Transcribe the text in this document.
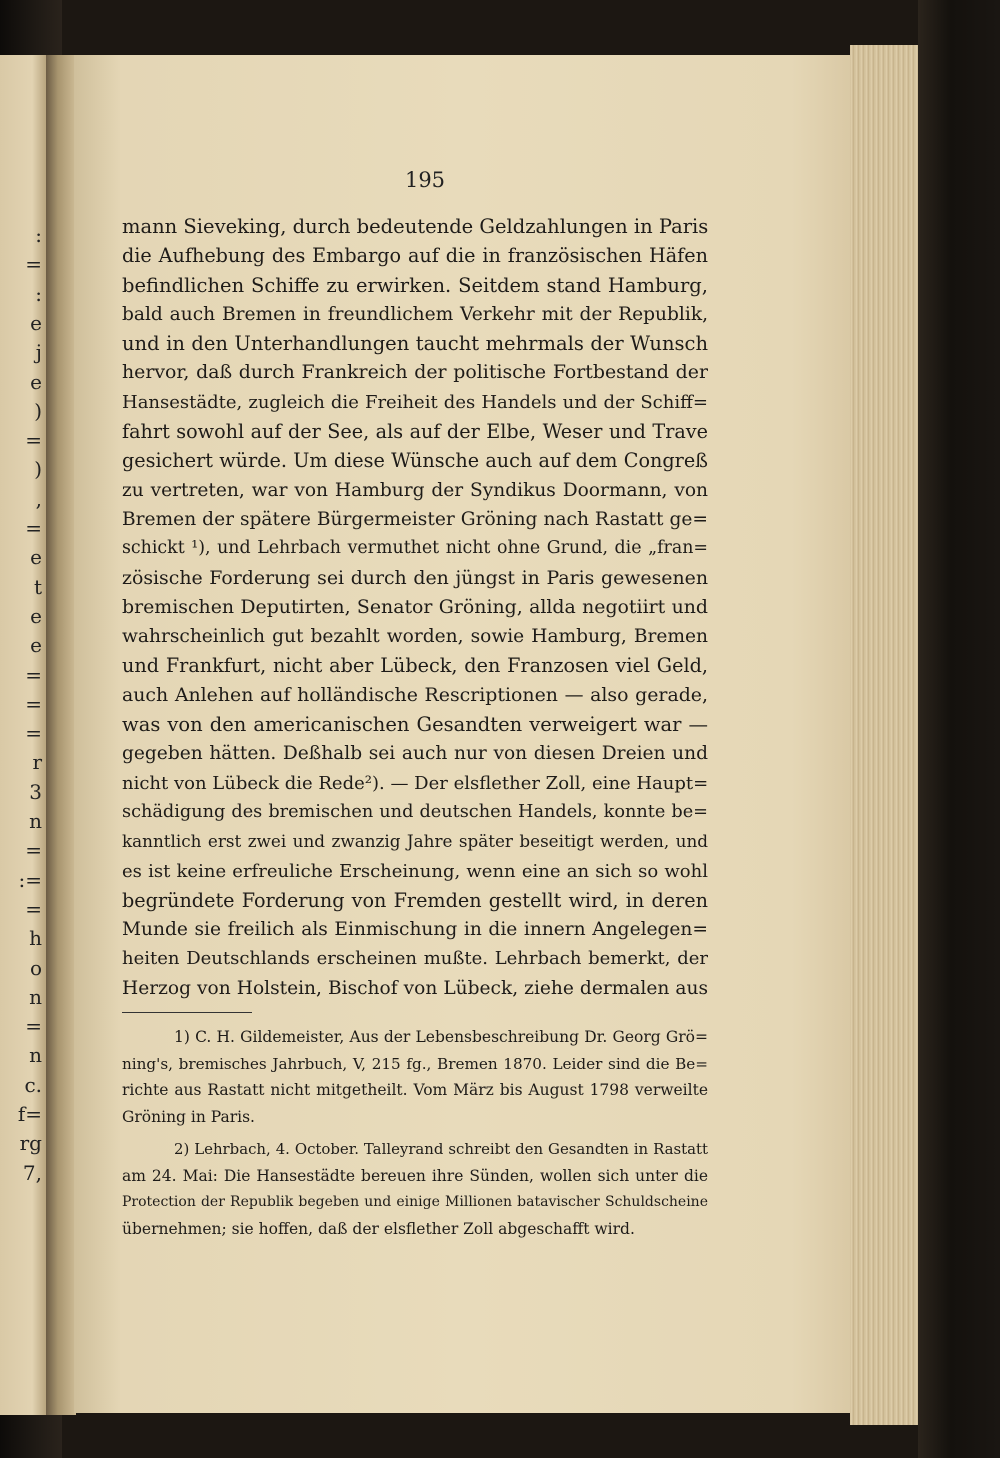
:
=
:
e
j
e
)
=
)
,
=
e
t
e
e
=
=
=
r
3
n
=
:=
=
h
o
n
=
n
c.
f=
rg
7,
195
mann Sieveking, durch bedeutende Geldzahlungen in Paris
die Aufhebung des Embargo auf die in französischen Häfen
befindlichen Schiffe zu erwirken. Seitdem stand Hamburg,
bald auch Bremen in freundlichem Verkehr mit der Republik,
und in den Unterhandlungen taucht mehrmals der Wunsch
hervor, daß durch Frankreich der politische Fortbestand der
Hansestädte, zugleich die Freiheit des Handels und der Schiff=
fahrt sowohl auf der See, als auf der Elbe, Weser und Trave
gesichert würde. Um diese Wünsche auch auf dem Congreß
zu vertreten, war von Hamburg der Syndikus Doormann, von
Bremen der spätere Bürgermeister Gröning nach Rastatt ge=
schickt ¹), und Lehrbach vermuthet nicht ohne Grund, die „fran=
zösische Forderung sei durch den jüngst in Paris gewesenen
bremischen Deputirten, Senator Gröning, allda negotiirt und
wahrscheinlich gut bezahlt worden, sowie Hamburg, Bremen
und Frankfurt, nicht aber Lübeck, den Franzosen viel Geld,
auch Anlehen auf holländische Rescriptionen — also gerade,
was von den americanischen Gesandten verweigert war —
gegeben hätten. Deßhalb sei auch nur von diesen Dreien und
nicht von Lübeck die Rede²). — Der elsflether Zoll, eine Haupt=
schädigung des bremischen und deutschen Handels, konnte be=
kanntlich erst zwei und zwanzig Jahre später beseitigt werden, und
es ist keine erfreuliche Erscheinung, wenn eine an sich so wohl
begründete Forderung von Fremden gestellt wird, in deren
Munde sie freilich als Einmischung in die innern Angelegen=
heiten Deutschlands erscheinen mußte. Lehrbach bemerkt, der
Herzog von Holstein, Bischof von Lübeck, ziehe dermalen aus
1) C. H. Gildemeister, Aus der Lebensbeschreibung Dr. Georg Grö=
ning's, bremisches Jahrbuch, V, 215 fg., Bremen 1870. Leider sind die Be=
richte aus Rastatt nicht mitgetheilt. Vom März bis August 1798 verweilte
Gröning in Paris.
2) Lehrbach, 4. October. Talleyrand schreibt den Gesandten in Rastatt
am 24. Mai: Die Hansestädte bereuen ihre Sünden, wollen sich unter die
Protection der Republik begeben und einige Millionen batavischer Schuldscheine
übernehmen; sie hoffen, daß der elsflether Zoll abgeschafft wird.
